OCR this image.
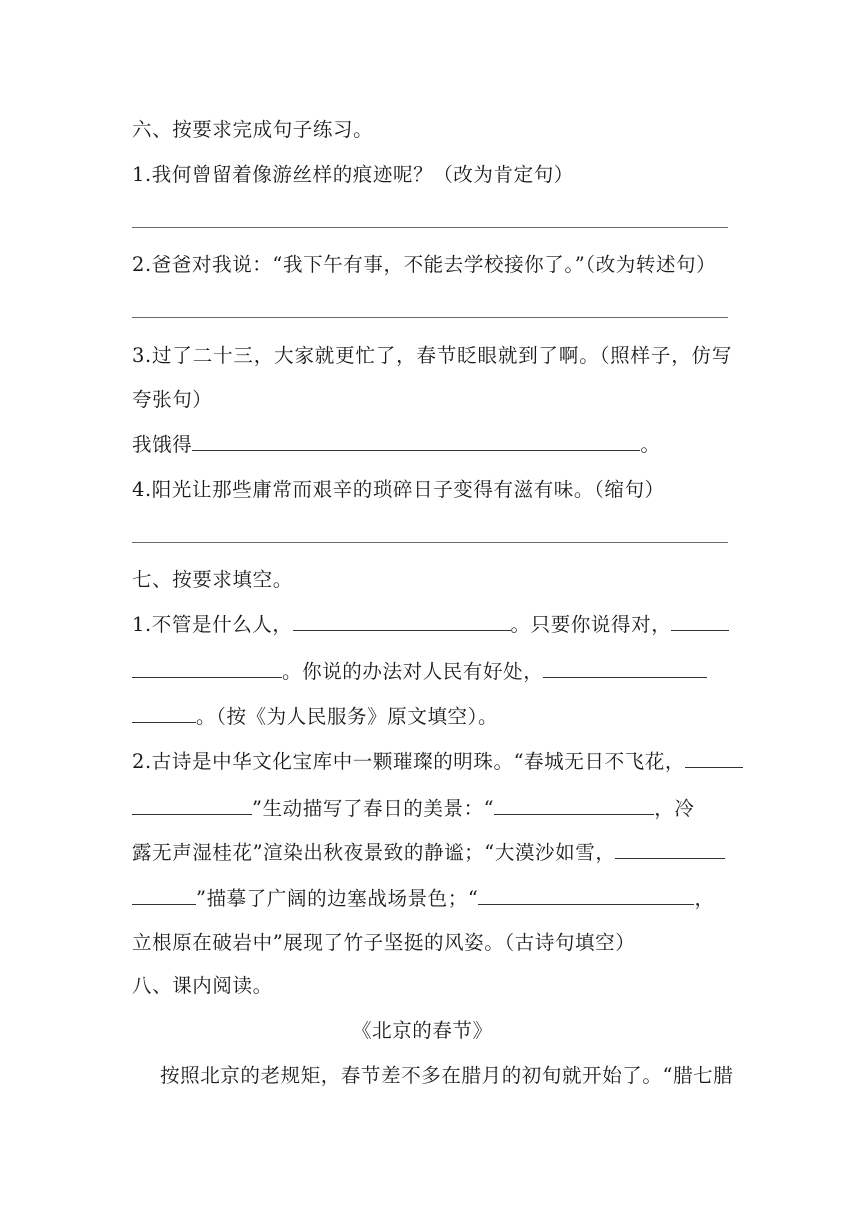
六、按要求完成句子练习。
1.我何曾留着像游丝样的痕迹呢？（改为肯定句）
2.爸爸对我说：“我下午有事，不能去学校接你了。”（改为转述句）
3.过了二十三，大家就更忙了，春节眨眼就到了啊。（照样子，仿写
夸张句）
我饿得	。
4.阳光让那些庸常而艰辛的琐碎日子变得有滋有味。（缩句）
七、按要求填空。
1.不管是什么人，	。只要你说得对，
。你说的办法对人民有好处，
。（按《为人民服务》原文填空）。
2.古诗是中华文化宝库中一颗璀璨的明珠。“春城无日不飞花，
”生动描写了春日的美景：“	，冷
露无声湿桂花”渲染出秋夜景致的静谧；“大漠沙如雪，
”描摹了广阔的边塞战场景色；“	，
立根原在破岩中”展现了竹子坚挺的风姿。（古诗句填空）
八、课内阅读。
《北京的春节》
按照北京的老规矩，春节差不多在腊月的初旬就开始了。“腊七腊
